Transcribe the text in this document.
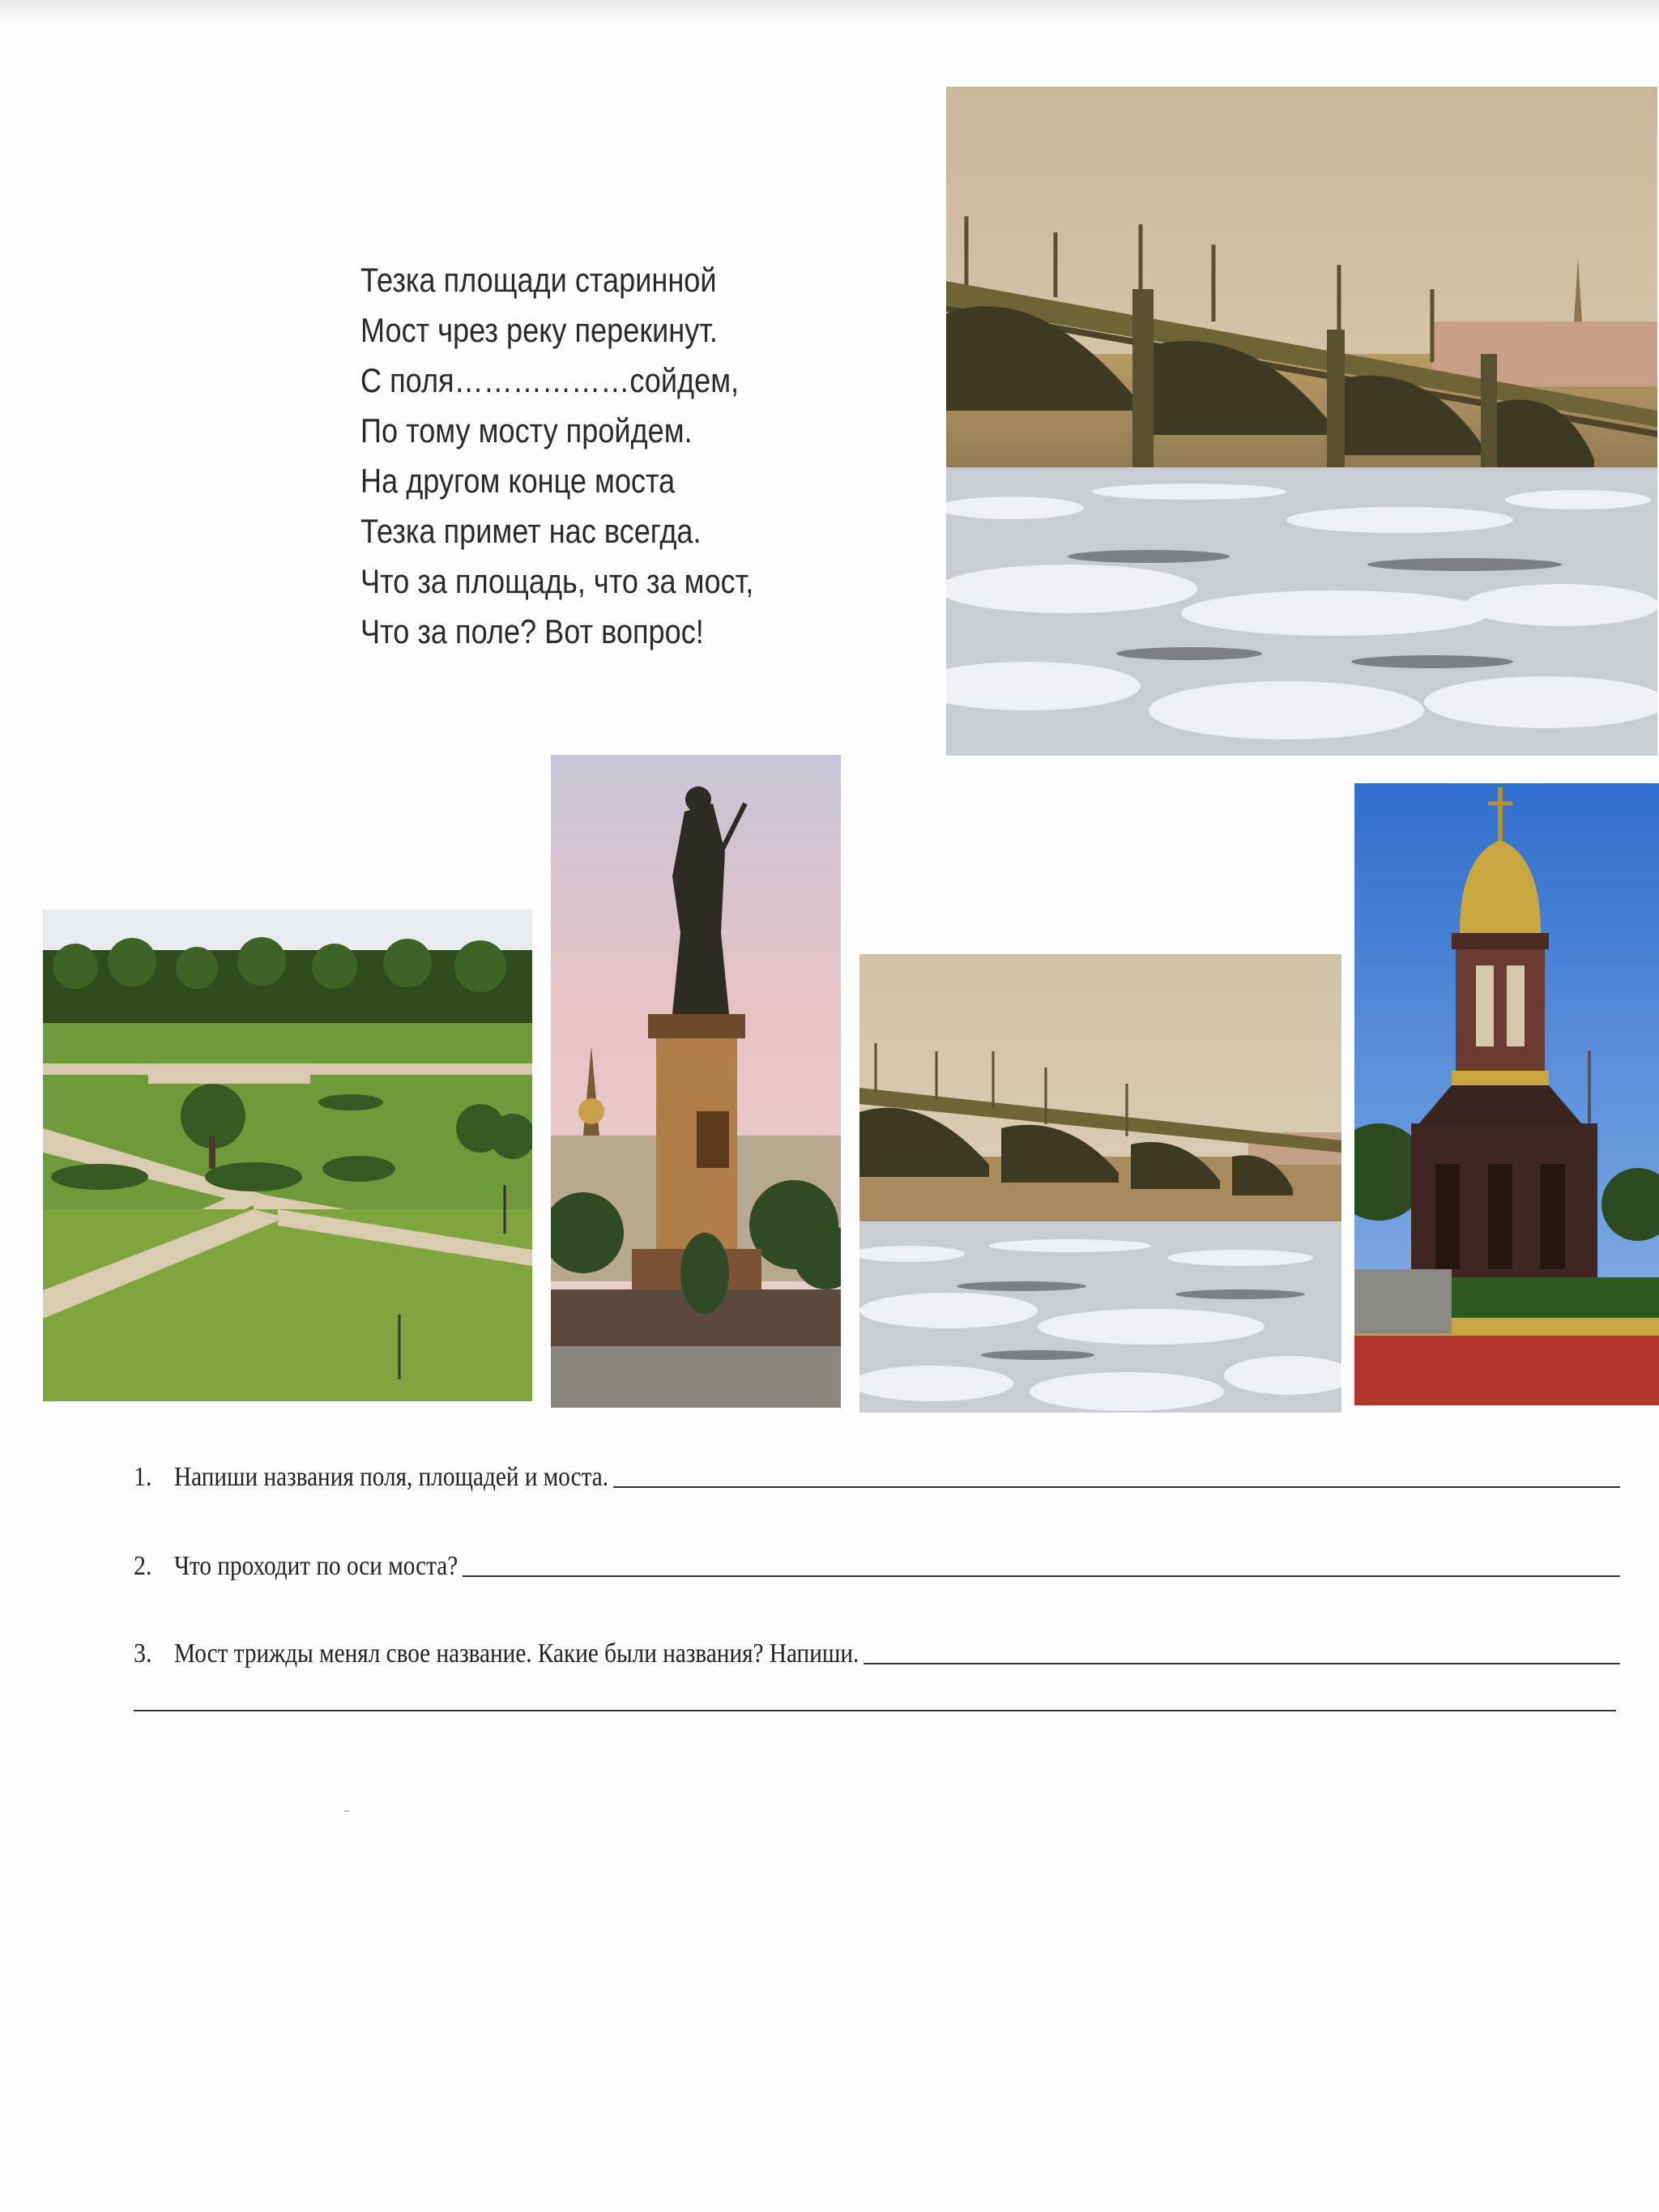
Тезка площади старинной
Мост чрез реку перекинут.
С поля………………сойдем,
По тому мосту пройдем.
На другом конце моста
Тезка примет нас всегда.
Что за площадь, что за мост,
Что за поле? Вот вопрос!
1. Напиши названия поля, площадей и моста.
2. Что проходит по оси моста?
3. Мост трижды менял свое название. Какие были названия? Напиши.
